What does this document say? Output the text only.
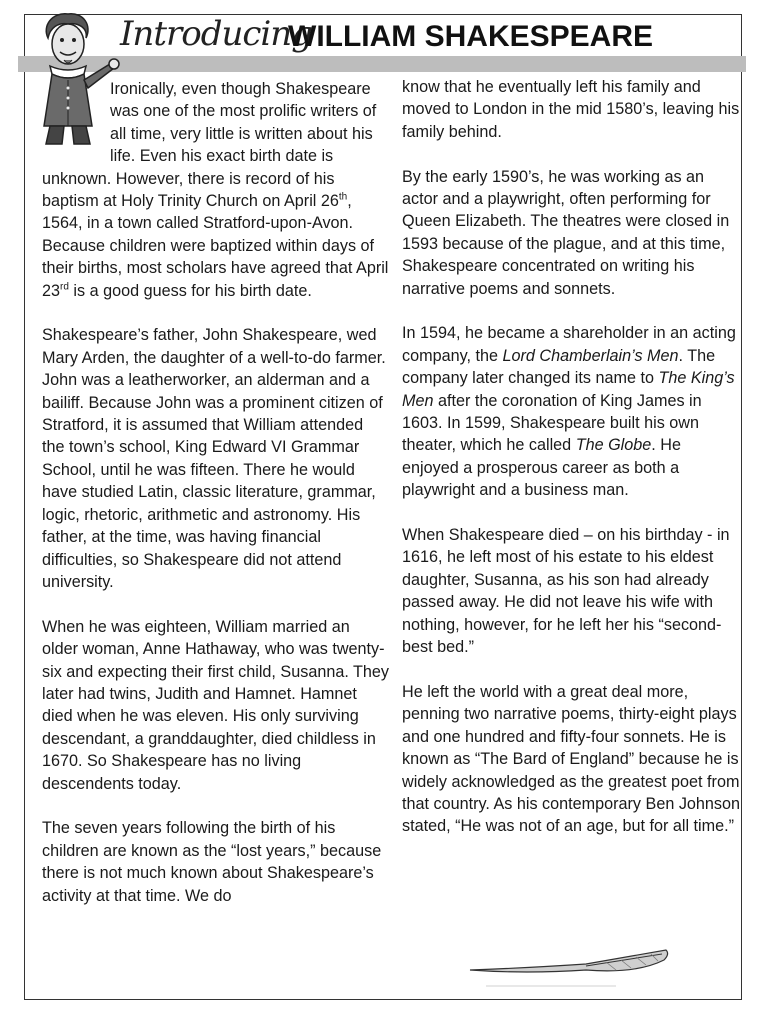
Introducing
WILLIAM SHAKESPEARE

Ironically, even though Shakespeare was one of the most prolific writers of all time, very little is written about his life. Even his exact birth date is unknown. However, there is record of his baptism at Holy Trinity Church on April 26th, 1564, in a town called Stratford-upon-Avon. Because children were baptized within days of their births, most scholars have agreed that April 23rd is a good guess for his birth date.

Shakespeare’s father, John Shakespeare, wed Mary Arden, the daughter of a well-to-do farmer. John was a leatherworker, an alderman and a bailiff. Because John was a prominent citizen of Stratford, it is assumed that William attended the town’s school, King Edward VI Grammar School, until he was fifteen. There he would have studied Latin, classic literature, grammar, logic, rhetoric, arithmetic and astronomy. His father, at the time, was having financial difficulties, so Shakespeare did not attend university.

When he was eighteen, William married an older woman, Anne Hathaway, who was twenty-six and expecting their first child, Susanna. They later had twins, Judith and Hamnet. Hamnet died when he was eleven. His only surviving descendant, a granddaughter, died childless in 1670. So Shakespeare has no living descendents today.

The seven years following the birth of his children are known as the “lost years,” because there is not much known about Shakespeare’s activity at that time. We do

know that he eventually left his family and moved to London in the mid 1580’s, leaving his family behind.

By the early 1590’s, he was working as an actor and a playwright, often performing for Queen Elizabeth. The theatres were closed in 1593 because of the plague, and at this time, Shakespeare concentrated on writing his narrative poems and sonnets.

In 1594, he became a shareholder in an acting company, the Lord Chamberlain’s Men. The company later changed its name to The King’s Men after the coronation of King James in 1603. In 1599, Shakespeare built his own theater, which he called The Globe. He enjoyed a prosperous career as both a playwright and a business man.

When Shakespeare died – on his birthday - in 1616, he left most of his estate to his eldest daughter, Susanna, as his son had already passed away. He did not leave his wife with nothing, however, for he left her his “second-best bed.”

He left the world with a great deal more, penning two narrative poems, thirty-eight plays and one hundred and fifty-four sonnets. He is known as “The Bard of England” because he is widely acknowledged as the greatest poet from that country. As his contemporary Ben Johnson stated, “He was not of an age, but for all time.”
